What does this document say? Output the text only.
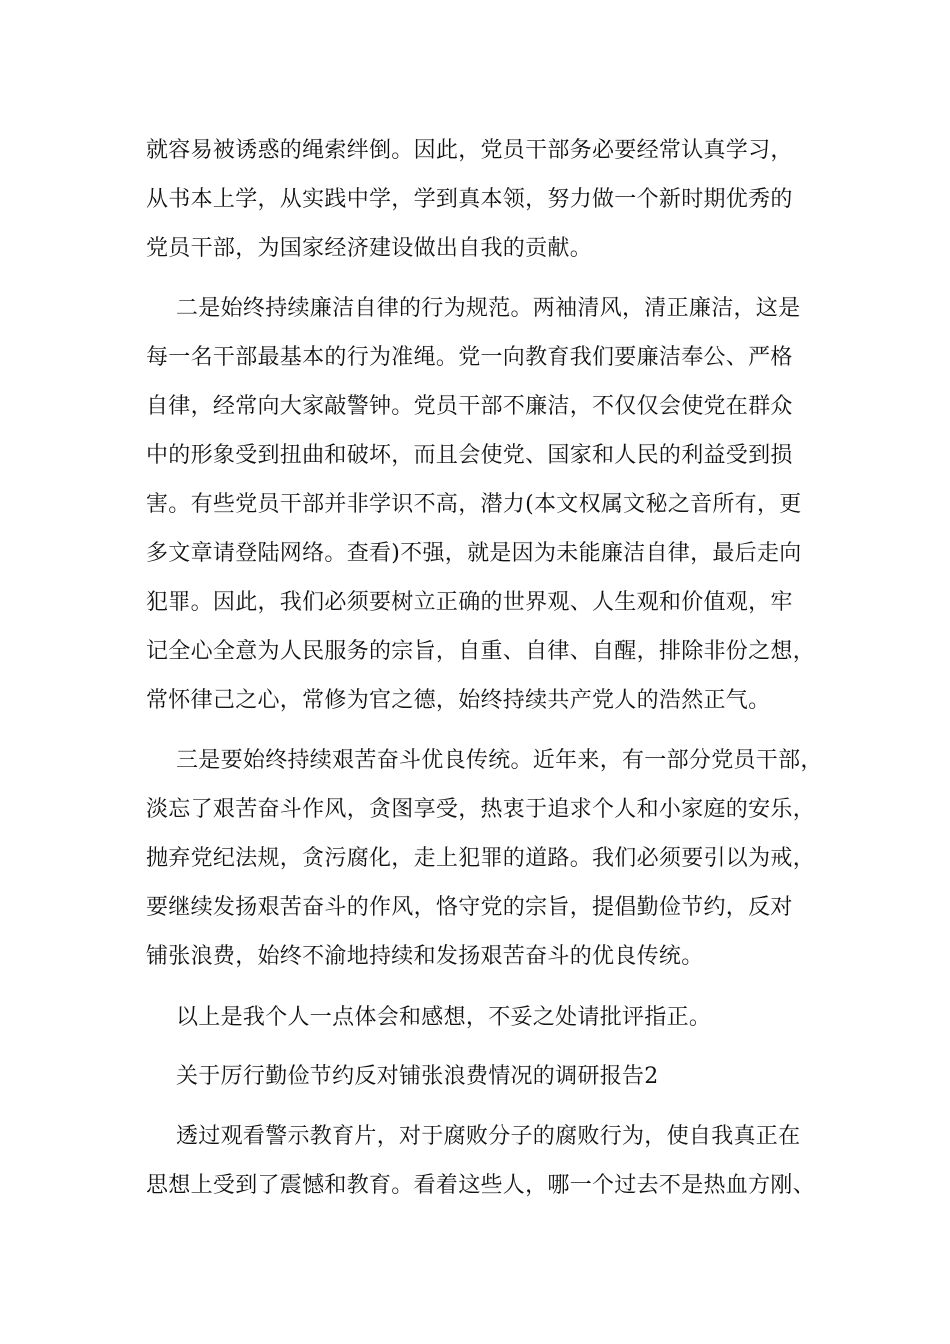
就容易被诱惑的绳索绊倒。因此，党员干部务必要经常认真学习，
从书本上学，从实践中学，学到真本领，努力做一个新时期优秀的
党员干部，为国家经济建设做出自我的贡献。
二是始终持续廉洁自律的行为规范。两袖清风，清正廉洁，这是
每一名干部最基本的行为准绳。党一向教育我们要廉洁奉公、严格
自律，经常向大家敲警钟。党员干部不廉洁，不仅仅会使党在群众
中的形象受到扭曲和破坏，而且会使党、国家和人民的利益受到损
害。有些党员干部并非学识不高，潜力(本文权属文秘之音所有，更
多文章请登陆网络。查看)不强，就是因为未能廉洁自律，最后走向
犯罪。因此，我们必须要树立正确的世界观、人生观和价值观，牢
记全心全意为人民服务的宗旨，自重、自律、自醒，排除非份之想，
常怀律己之心，常修为官之德，始终持续共产党人的浩然正气。
三是要始终持续艰苦奋斗优良传统。近年来，有一部分党员干部，
淡忘了艰苦奋斗作风，贪图享受，热衷于追求个人和小家庭的安乐，
抛弃党纪法规，贪污腐化，走上犯罪的道路。我们必须要引以为戒，
要继续发扬艰苦奋斗的作风，恪守党的宗旨，提倡勤俭节约，反对
铺张浪费，始终不渝地持续和发扬艰苦奋斗的优良传统。
以上是我个人一点体会和感想，不妥之处请批评指正。
关于厉行勤俭节约反对铺张浪费情况的调研报告2
透过观看警示教育片，对于腐败分子的腐败行为，使自我真正在
思想上受到了震憾和教育。看着这些人，哪一个过去不是热血方刚、
